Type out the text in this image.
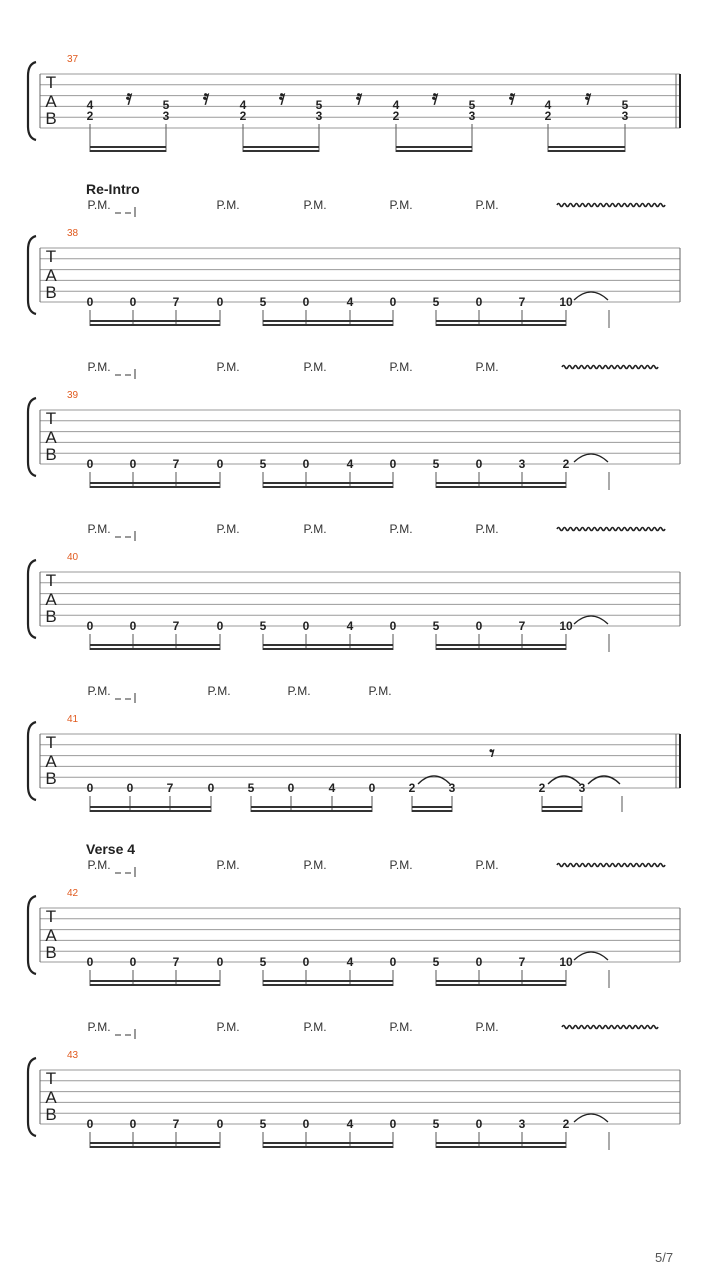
T
A
B
37
4
2
5
3
4
2
5
3
4
2
5
3
4
2
5
3
𝄿	𝄿	𝄿	𝄿	𝄿	𝄿	𝄿
T
A
B
38
Re-Intro
0	0	7	0	5	0	4	0	5	0	7	10
P.M.	P.M.	P.M.	P.M.	P.M.
T
A
B
39
0	0	7	0	5	0	4	0	5	0	3	2
P.M.	P.M.	P.M.	P.M.	P.M.
T
A
B
40
0	0	7	0	5	0	4	0	5	0	7	10
P.M.	P.M.	P.M.	P.M.	P.M.
T
A
B
41
0	0	7	0	5	0	4	0	2	3	2	3
𝄾
P.M.	P.M.	P.M.	P.M.
T
A
B
42
Verse 4
0	0	7	0	5	0	4	0	5	0	7	10
P.M.	P.M.	P.M.	P.M.	P.M.
T
A
B
43
0	0	7	0	5	0	4	0	5	0	3	2
P.M.	P.M.	P.M.	P.M.	P.M.
5/7
